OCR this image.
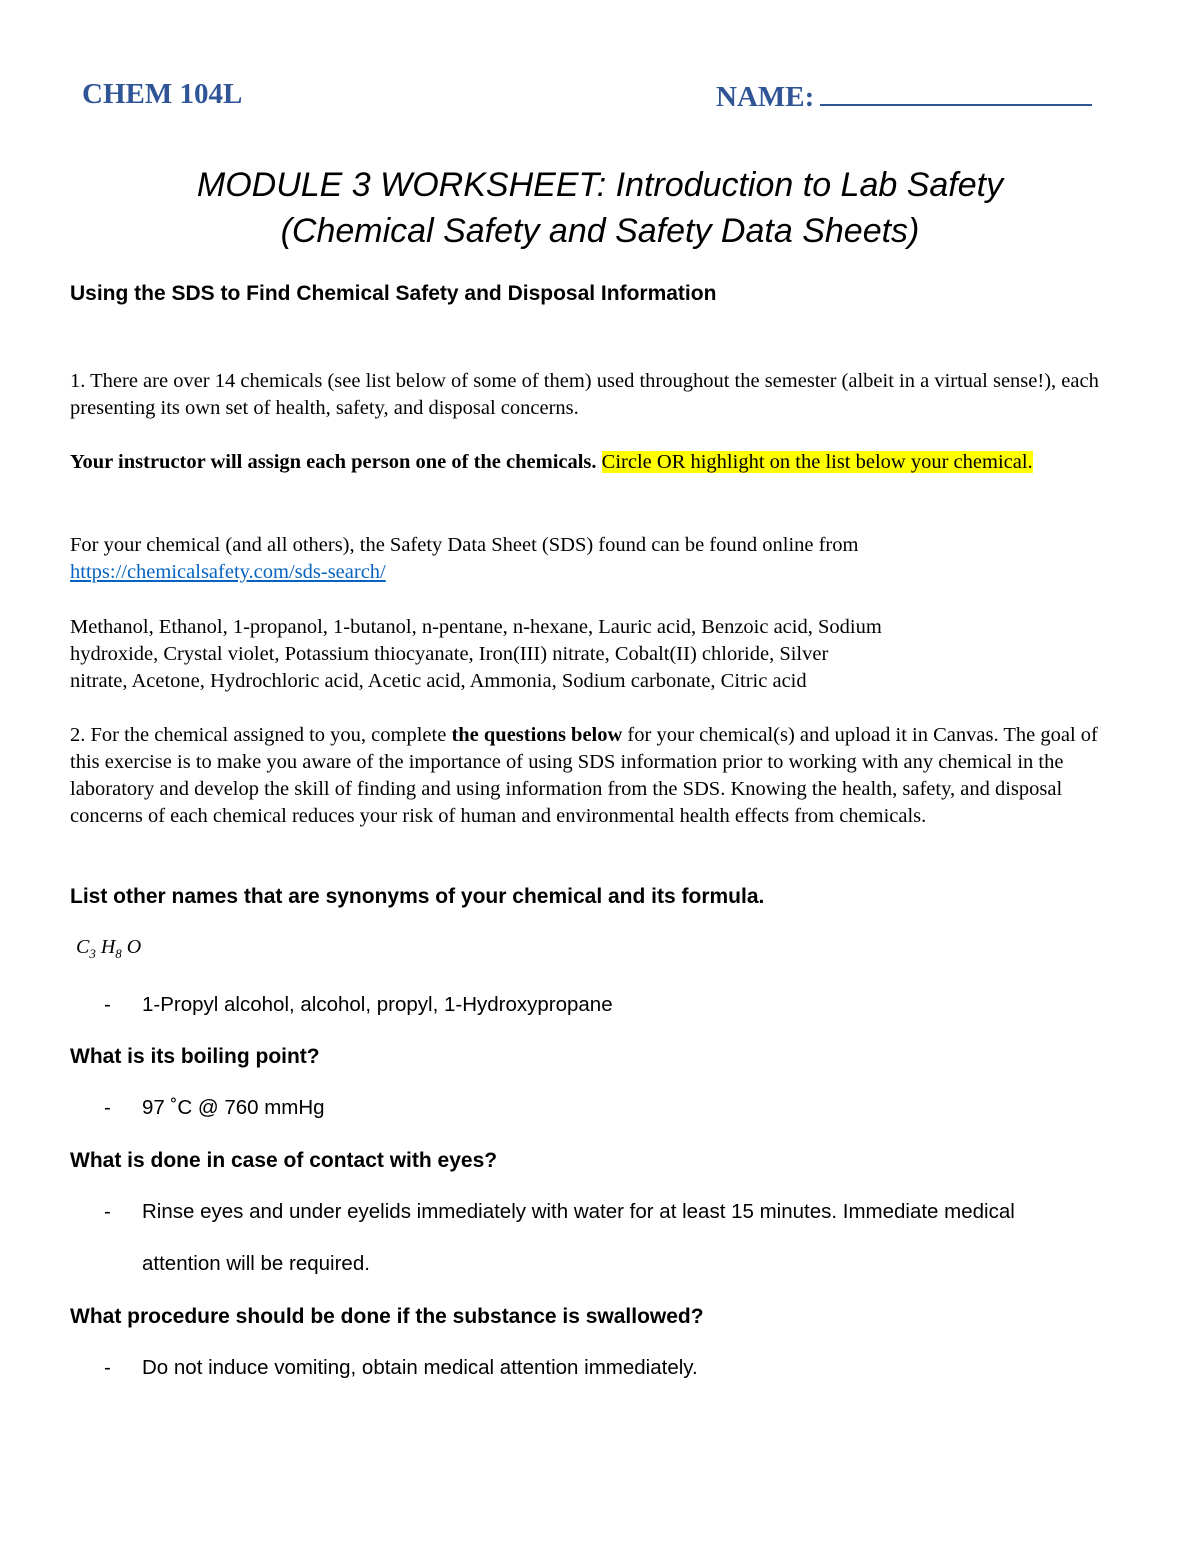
CHEM 104L	NAME:
MODULE 3 WORKSHEET: Introduction to Lab Safety
(Chemical Safety and Safety Data Sheets)
Using the SDS to Find Chemical Safety and Disposal Information
1. There are over 14 chemicals (see list below of some of them) used throughout the semester (albeit in a virtual sense!), each presenting its own set of health, safety, and disposal concerns.
Your instructor will assign each person one of the chemicals. Circle OR highlight on the list below your chemical.
For your chemical (and all others), the Safety Data Sheet (SDS) found can be found online from
https://chemicalsafety.com/sds-search/
Methanol, Ethanol, 1-propanol, 1-butanol, n-pentane, n-hexane, Lauric acid, Benzoic acid, Sodium
hydroxide, Crystal violet, Potassium thiocyanate, Iron(III) nitrate, Cobalt(II) chloride, Silver
nitrate, Acetone, Hydrochloric acid, Acetic acid, Ammonia, Sodium carbonate, Citric acid
2. For the chemical assigned to you, complete the questions below for your chemical(s) and upload it in Canvas. The goal of this exercise is to make you aware of the importance of using SDS information prior to working with any chemical in the laboratory and develop the skill of finding and using information from the SDS. Knowing the health, safety, and disposal concerns of each chemical reduces your risk of human and environmental health effects from chemicals.
List other names that are synonyms of your chemical and its formula.
$C_3$ $H_8$ O
- 1-Propyl alcohol, alcohol, propyl, 1-Hydroxypropane
What is its boiling point?
- 97 ˚C @ 760 mmHg
What is done in case of contact with eyes?
- Rinse eyes and under eyelids immediately with water for at least 15 minutes. Immediate medical attention will be required.
What procedure should be done if the substance is swallowed?
- Do not induce vomiting, obtain medical attention immediately.
